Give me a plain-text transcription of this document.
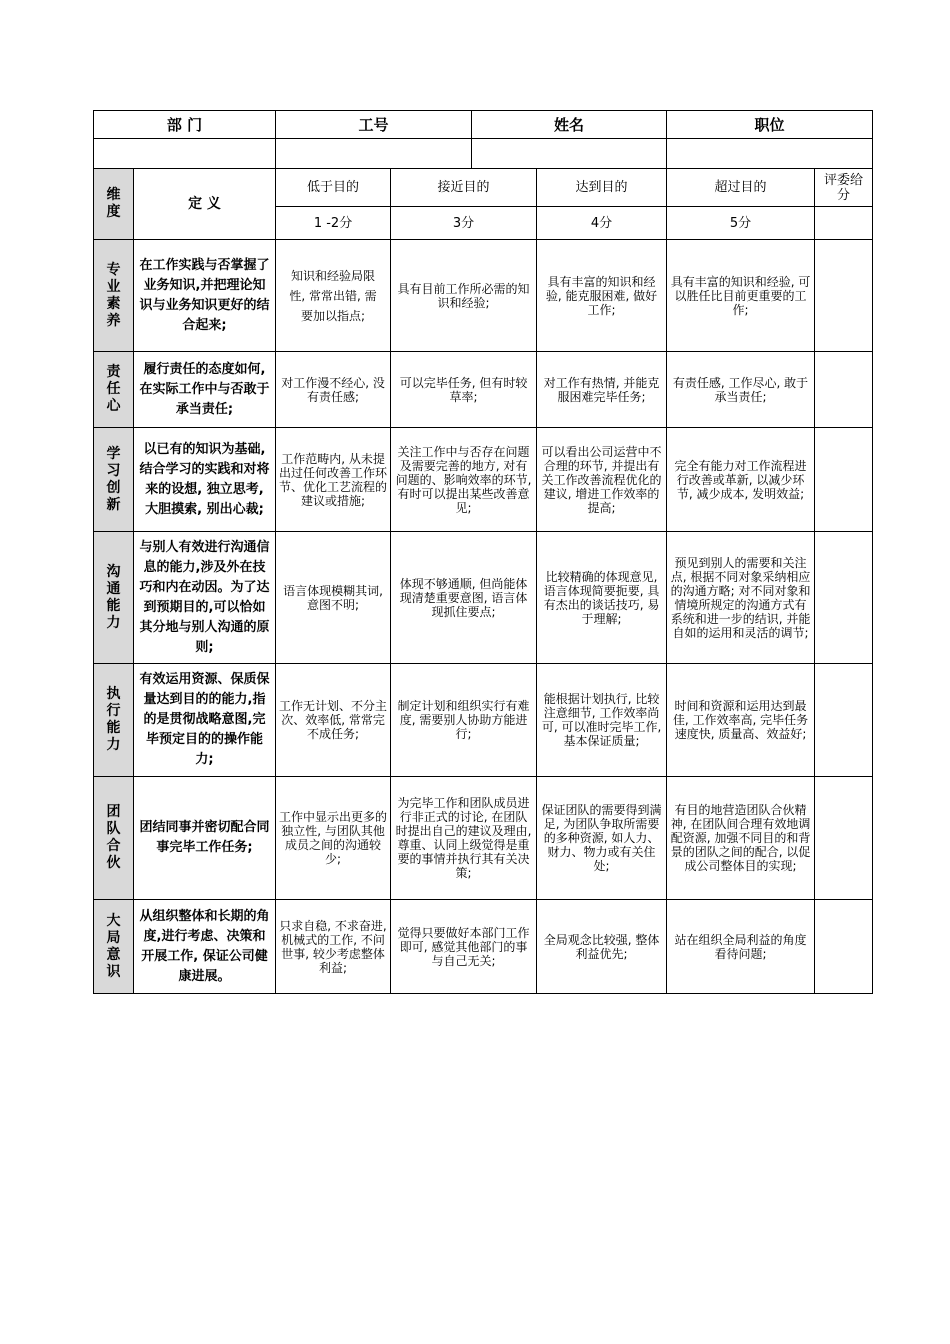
部 门		工号		姓名		职位	

维度	定 义	低于目的	接近目的		达到目的	超过目的	评委给分
		1 -2分	3分		4分	5分	

专业素养	在工作实践与否掌握了业务知识,并把理论知识与业务知识更好的结合起来;	知识和经验局限性, 常常出错, 需要加以指点;	具有目前工作所必需的知识和经验;		具有丰富的知识和经验, 能克服困难, 做好工作;	具有丰富的知识和经验, 可以胜任比目前更重要的工作;	

责任心	履行责任的态度如何, 在实际工作中与否敢于承当责任;	对工作漫不经心, 没有责任感;	可以完毕任务, 但有时较草率;		对工作有热情, 并能克服困难完毕任务;	有责任感, 工作尽心, 敢于承当责任;	

学习创新	以已有的知识为基础,结合学习的实践和对将来的设想, 独立思考, 大胆摸索, 别出心裁;	工作范畴内, 从未提出过任何改善工作环节、优化工艺流程的建议或措施;	关注工作中与否存在问题及需要完善的地方, 对有问题的、影响效率的环节, 有时可以提出某些改善意见;		可以看出公司运营中不合理的环节, 并提出有关工作改善流程优化的建议, 增进工作效率的提高;	完全有能力对工作流程进行改善或革新, 以减少环节, 减少成本, 发明效益;	

沟通能力	与别人有效进行沟通信息的能力,涉及外在技巧和内在动因。为了达到预期目的,可以恰如其分地与别人沟通的原则;	语言体现模糊其词, 意图不明;	体现不够通顺, 但尚能体现清楚重要意图, 语言体现抓住要点;		比较精确的体现意见, 语言体现简要扼要, 具有杰出的谈话技巧, 易于理解;	预见到别人的需要和关注点, 根据不同对象采纳相应的沟通方略; 对不同对象和情境所规定的沟通方式有系统和进一步的结识, 并能自如的运用和灵活的调节;	

执行能力	有效运用资源、保质保量达到目的的能力,指的是贯彻战略意图,完毕预定目的的操作能力;	工作无计划、不分主次、效率低, 常常完不成任务;	制定计划和组织实行有难度, 需要别人协助方能进行;		能根据计划执行, 比较注意细节, 工作效率尚可, 可以准时完毕工作, 基本保证质量;	时间和资源和运用达到最佳, 工作效率高, 完毕任务速度快, 质量高、效益好;	

团队合伙	团结同事并密切配合同事完毕工作任务;	工作中显示出更多的独立性, 与团队其他成员之间的沟通较少;	为完毕工作和团队成员进行非正式的讨论, 在团队时提出自己的建议及理由, 尊重、认同上级觉得是重要的事情并执行其有关决策;		保证团队的需要得到满足, 为团队争取所需要的多种资源, 如人力、财力、物力或有关住处;	有目的地营造团队合伙精神, 在团队间合理有效地调配资源, 加强不同目的和背景的团队之间的配合, 以促成公司整体目的实现;	

大局意识	从组织整体和长期的角度,进行考虑、决策和开展工作, 保证公司健康进展。	只求自稳, 不求奋进, 机械式的工作, 不问世事, 较少考虑整体利益;	觉得只要做好本部门工作即可, 感觉其他部门的事与自己无关;		全局观念比较强, 整体利益优先;	站在组织全局利益的角度看待问题;	
